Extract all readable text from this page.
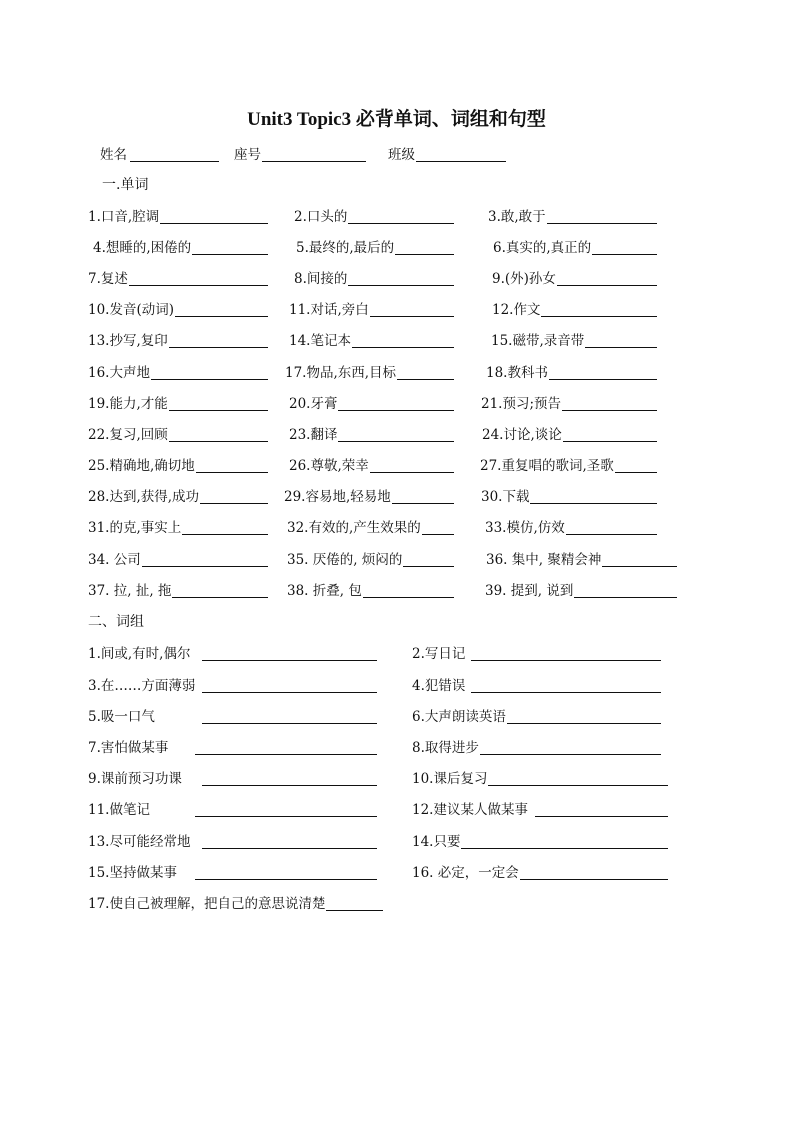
Unit3 Topic3 必背单词、词组和句型
姓名	座号	班级
一.单词
二、词组
1.口音,腔调	2.口头的	3.敢,敢于
4.想睡的,困倦的	5.最终的,最后的	6.真实的,真正的
7.复述	8.间接的	9.(外)孙女
10.发音(动词)	11.对话,旁白	12.作文
13.抄写,复印	14.笔记本	15.磁带,录音带
16.大声地	17.物品,东西,目标	18.教科书
19.能力,才能	20.牙膏	21.预习;预告
22.复习,回顾	23.翻译	24.讨论,谈论
25.精确地,确切地	26.尊敬,荣幸	27.重复唱的歌词,圣歌
28.达到,获得,成功	29.容易地,轻易地	30.下载
31.的克,事实上	32.有效的,产生效果的	33.模仿,仿效
34. 公司	35. 厌倦的, 烦闷的	36. 集中, 聚精会神
37. 拉, 扯, 拖	38. 折叠, 包	39. 提到, 说到
1.间或,有时,偶尔	2.写日记
3.在……方面薄弱	4.犯错误
5.吸一口气	6.大声朗读英语
7.害怕做某事	8.取得进步
9.课前预习功课	10.课后复习
11.做笔记	12.建议某人做某事
13.尽可能经常地	14.只要
15.坚持做某事	16. 必定，一定会
17.使自己被理解，把自己的意思说清楚
